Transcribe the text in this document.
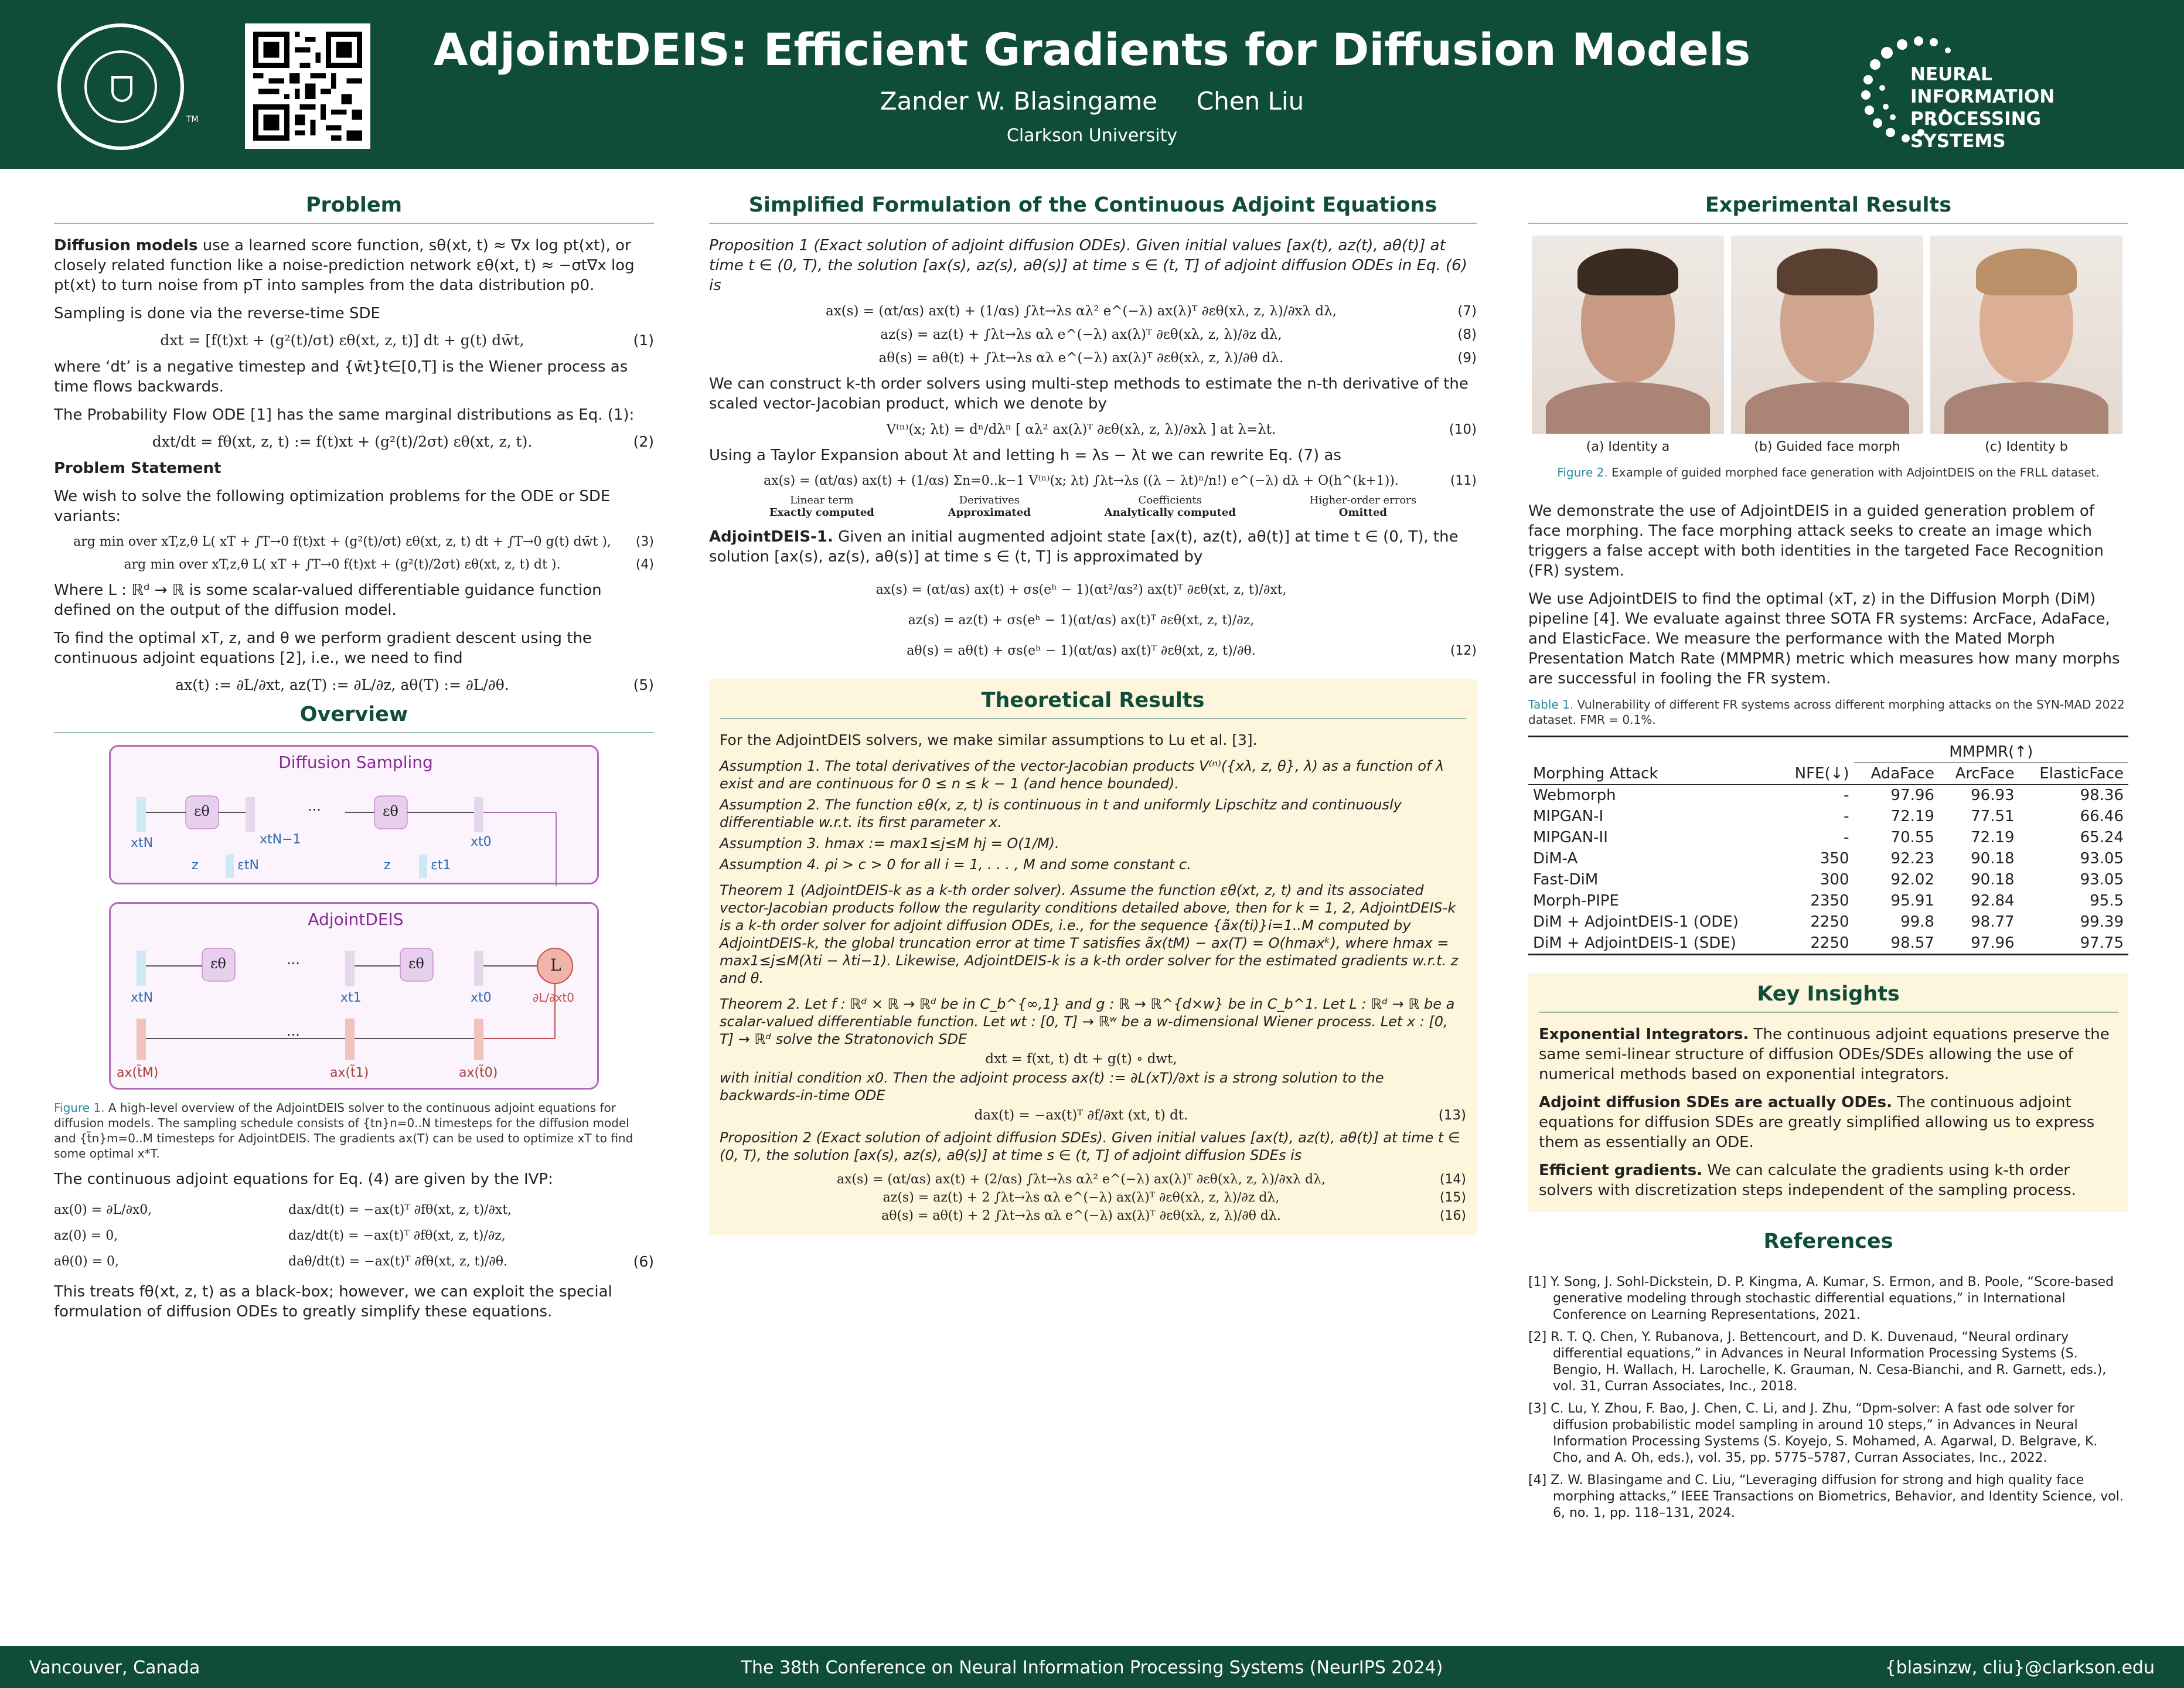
TM
AdjointDEIS: Efficient Gradients for Diffusion Models
Zander W. Blasingame     Chen Liu
Clarkson University
NEURAL INFORMATION PROCESSING SYSTEMS
Problem

Diffusion models use a learned score function, sθ(xt, t) ≈ ∇x log pt(xt), or closely related function like a noise-prediction network εθ(xt, t) ≈ −σt∇x log pt(xt) to turn noise from pT into samples from the data distribution p0.

Sampling is done via the reverse-time SDE

dxt = [f(t)xt + (g²(t)/σt) εθ(xt, z, t)] dt + g(t) dw̄t,	(1)

where ‘dt’ is a negative timestep and {w̄t}t∈[0,T] is the Wiener process as time flows backwards.

The Probability Flow ODE [1] has the same marginal distributions as Eq. (1):

dxt/dt = fθ(xt, z, t) := f(t)xt + (g²(t)/2σt) εθ(xt, z, t).	(2)

Problem Statement

We wish to solve the following optimization problems for the ODE or SDE variants:

arg min over xT,z,θ L( xT + ∫T→0 f(t)xt + (g²(t)/σt) εθ(xt, z, t) dt + ∫T→0 g(t) dw̄t ), (3)
arg min over xT,z,θ L( xT + ∫T→0 f(t)xt + (g²(t)/2σt) εθ(xt, z, t) dt ).	(4)

Where L : ℝᵈ → ℝ is some scalar-valued differentiable guidance function defined on the output of the diffusion model.

To find the optimal xT, z, and θ we perform gradient descent using the continuous adjoint equations [2], i.e., we need to find

ax(t) := ∂L/∂xt, az(T) := ∂L/∂z, aθ(T) := ∂L/∂θ.	(5)
Overview
Diffusion Sampling
εθ	εθ
···
xtN
z	εtN
xtN−1
z	εt1
xt0
AdjointDEIS
εθ	εθ	L
···
···
xtN	xt1	xt0	∂L/∂xt0
ax(t̃M)	ax(t̃1)	ax(t̃0)

Figure 1. A high-level overview of the AdjointDEIS solver to the continuous adjoint equations for diffusion models. The sampling schedule consists of {tn}n=0..N timesteps for the diffusion model and {t̃n}m=0..M timesteps for AdjointDEIS. The gradients ax(T) can be used to optimize xT to find some optimal x*T.

The continuous adjoint equations for Eq. (4) are given by the IVP:

ax(0) = ∂L/∂x0,	dax/dt(t) = −ax(t)ᵀ ∂fθ(xt, z, t)/∂xt,
az(0) = 0,	daz/dt(t) = −ax(t)ᵀ ∂fθ(xt, z, t)/∂z,
aθ(0) = 0,	daθ/dt(t) = −ax(t)ᵀ ∂fθ(xt, z, t)/∂θ.	(6)

This treats fθ(xt, z, t) as a black-box; however, we can exploit the special formulation of diffusion ODEs to greatly simplify these equations.

Simplified Formulation of the Continuous Adjoint Equations

Proposition 1 (Exact solution of adjoint diffusion ODEs). Given initial values [ax(t), az(t), aθ(t)] at time t ∈ (0, T), the solution [ax(s), az(s), aθ(s)] at time s ∈ (t, T] of adjoint diffusion ODEs in Eq. (6) is

ax(s) = (αt/αs) ax(t) + (1/αs) ∫λt→λs αλ² e^(−λ) ax(λ)ᵀ ∂εθ(xλ, z, λ)/∂xλ dλ,	(7)
az(s) = az(t) + ∫λt→λs αλ e^(−λ) ax(λ)ᵀ ∂εθ(xλ, z, λ)/∂z dλ,	(8)
aθ(s) = aθ(t) + ∫λt→λs αλ e^(−λ) ax(λ)ᵀ ∂εθ(xλ, z, λ)/∂θ dλ.	(9)

We can construct k-th order solvers using multi-step methods to estimate the n-th derivative of the scaled vector-Jacobian product, which we denote by

V⁽ⁿ⁾(x; λt) = dⁿ/dλⁿ [ αλ² ax(λ)ᵀ ∂εθ(xλ, z, λ)/∂xλ ] at λ=λt.	(10)

Using a Taylor Expansion about λt and letting h = λs − λt we can rewrite Eq. (7) as

ax(s) = (αt/αs) ax(t) + (1/αs) Σn=0..k−1 V⁽ⁿ⁾(x; λt) ∫λt→λs ((λ − λt)ⁿ/n!) e^(−λ) dλ + O(h^(k+1)).	(11)
Linear term
Exactly computed
Derivatives
Approximated
Coefficients
Analytically computed
Higher-order errors
Omitted

AdjointDEIS-1. Given an initial augmented adjoint state [ax(t), az(t), aθ(t)] at time t ∈ (0, T), the solution [ax(s), az(s), aθ(s)] at time s ∈ (t, T] is approximated by

ax(s) = (αt/αs) ax(t) + σs(eʰ − 1)(αt²/αs²) ax(t)ᵀ ∂εθ(xt, z, t)/∂xt,
az(s) = az(t) + σs(eʰ − 1)(αt/αs) ax(t)ᵀ ∂εθ(xt, z, t)/∂z,
aθ(s) = aθ(t) + σs(eʰ − 1)(αt/αs) ax(t)ᵀ ∂εθ(xt, z, t)/∂θ.	(12)
Theoretical Results

For the AdjointDEIS solvers, we make similar assumptions to Lu et al. [3].

Assumption 1. The total derivatives of the vector-Jacobian products V⁽ⁿ⁾({xλ, z, θ}, λ) as a function of λ exist and are continuous for 0 ≤ n ≤ k − 1 (and hence bounded).

Assumption 2. The function εθ(x, z, t) is continuous in t and uniformly Lipschitz and continuously differentiable w.r.t. its first parameter x.

Assumption 3. hmax := max1≤j≤M hj = O(1/M).

Assumption 4. ρi > c > 0 for all i = 1, . . . , M and some constant c.

Theorem 1 (AdjointDEIS-k as a k-th order solver). Assume the function εθ(xt, z, t) and its associated vector-Jacobian products follow the regularity conditions detailed above, then for k = 1, 2, AdjointDEIS-k is a k-th order solver for adjoint diffusion ODEs, i.e., for the sequence {ãx(ti)}i=1..M computed by AdjointDEIS-k, the global truncation error at time T satisfies ãx(tM) − ax(T) = O(hmaxᵏ), where hmax = max1≤j≤M(λti − λti−1). Likewise, AdjointDEIS-k is a k-th order solver for the estimated gradients w.r.t. z and θ.

Theorem 2. Let f : ℝᵈ × ℝ → ℝᵈ be in C_b^{∞,1} and g : ℝ → ℝ^{d×w} be in C_b^1. Let L : ℝᵈ → ℝ be a scalar-valued differentiable function. Let wt : [0, T] → ℝʷ be a w-dimensional Wiener process. Let x : [0, T] → ℝᵈ solve the Stratonovich SDE

dxt = f(xt, t) dt + g(t) ∘ dwt,

with initial condition x0. Then the adjoint process ax(t) := ∂L(xT)/∂xt is a strong solution to the backwards-in-time ODE

dax(t) = −ax(t)ᵀ ∂f/∂xt (xt, t) dt.	(13)

Proposition 2 (Exact solution of adjoint diffusion SDEs). Given initial values [ax(t), az(t), aθ(t)] at time t ∈ (0, T), the solution [ax(s), az(s), aθ(s)] at time s ∈ (t, T] of adjoint diffusion SDEs is

ax(s) = (αt/αs) ax(t) + (2/αs) ∫λt→λs αλ² e^(−λ) ax(λ)ᵀ ∂εθ(xλ, z, λ)/∂xλ dλ,	(14)
az(s) = az(t) + 2 ∫λt→λs αλ e^(−λ) ax(λ)ᵀ ∂εθ(xλ, z, λ)/∂z dλ,	(15)
aθ(s) = aθ(t) + 2 ∫λt→λs αλ e^(−λ) ax(λ)ᵀ ∂εθ(xλ, z, λ)/∂θ dλ.	(16)
Experimental Results
(a) Identity a	(b) Guided face morph	(c) Identity b

Figure 2. Example of guided morphed face generation with AdjointDEIS on the FRLL dataset.

We demonstrate the use of AdjointDEIS in a guided generation problem of face morphing. The face morphing attack seeks to create an image which triggers a false accept with both identities in the targeted Face Recognition (FR) system.

We use AdjointDEIS to find the optimal (xT, z) in the Diffusion Morph (DiM) pipeline [4]. We evaluate against three SOTA FR systems: ArcFace, AdaFace, and ElasticFace. We measure the performance with the Mated Morph Presentation Match Rate (MMPMR) metric which measures how many morphs are successful in fooling the FR system.

Table 1. Vulnerability of different FR systems across different morphing attacks on the SYN-MAD 2022 dataset. FMR = 0.1%.

		MMPMR(↑)		
Morphing Attack	NFE(↓)	AdaFace	ArcFace	ElasticFace
Webmorph	-	97.96	96.93	98.36
MIPGAN-I	-	72.19	77.51	66.46
MIPGAN-II	-	70.55	72.19	65.24
DiM-A	350	92.23	90.18	93.05
Fast-DiM	300	92.02	90.18	93.05
Morph-PIPE	2350	95.91	92.84	95.5
DiM + AdjointDEIS-1 (ODE)	2250	99.8	98.77	99.39
DiM + AdjointDEIS-1 (SDE)	2250	98.57	97.96	97.75
Key Insights

Exponential Integrators. The continuous adjoint equations preserve the same semi-linear structure of diffusion ODEs/SDEs allowing the use of numerical methods based on exponential integrators.

Adjoint diffusion SDEs are actually ODEs. The continuous adjoint equations for diffusion SDEs are greatly simplified allowing us to express them as essentially an ODE.

Efficient gradients. We can calculate the gradients using k-th order solvers with discretization steps independent of the sampling process.

References

[1] Y. Song, J. Sohl-Dickstein, D. P. Kingma, A. Kumar, S. Ermon, and B. Poole, “Score-based generative modeling through stochastic differential equations,” in International Conference on Learning Representations, 2021.

[2] R. T. Q. Chen, Y. Rubanova, J. Bettencourt, and D. K. Duvenaud, “Neural ordinary differential equations,” in Advances in Neural Information Processing Systems (S. Bengio, H. Wallach, H. Larochelle, K. Grauman, N. Cesa-Bianchi, and R. Garnett, eds.), vol. 31, Curran Associates, Inc., 2018.

[3] C. Lu, Y. Zhou, F. Bao, J. Chen, C. Li, and J. Zhu, “Dpm-solver: A fast ode solver for diffusion probabilistic model sampling in around 10 steps,” in Advances in Neural Information Processing Systems (S. Koyejo, S. Mohamed, A. Agarwal, D. Belgrave, K. Cho, and A. Oh, eds.), vol. 35, pp. 5775–5787, Curran Associates, Inc., 2022.

[4] Z. W. Blasingame and C. Liu, “Leveraging diffusion for strong and high quality face morphing attacks,” IEEE Transactions on Biometrics, Behavior, and Identity Science, vol. 6, no. 1, pp. 118–131, 2024.

Vancouver, Canada	The 38th Conference on Neural Information Processing Systems (NeurIPS 2024)	{blasinzw, cliu}@clarkson.edu
